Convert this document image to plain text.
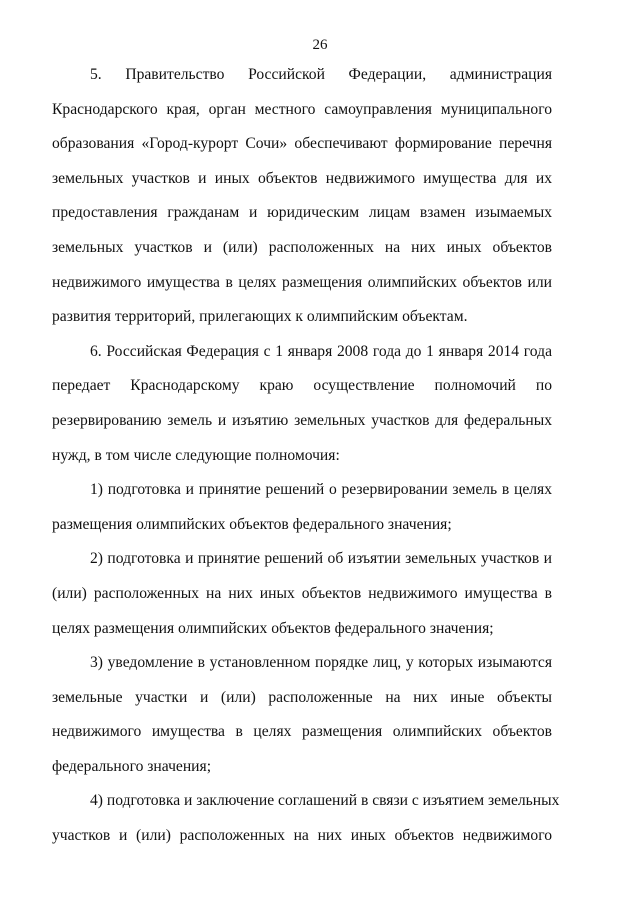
26
5. Правительство Российской Федерации, администрация
Краснодарского края, орган местного самоуправления муниципального
образования «Город-курорт Сочи» обеспечивают формирование перечня
земельных участков и иных объектов недвижимого имущества для их
предоставления гражданам и юридическим лицам взамен изымаемых
земельных участков и (или) расположенных на них иных объектов
недвижимого имущества в целях размещения олимпийских объектов или
развития территорий, прилегающих к олимпийским объектам.
6. Российская Федерация с 1 января 2008 года до 1 января 2014 года
передает Краснодарскому краю осуществление полномочий по
резервированию земель и изъятию земельных участков для федеральных
нужд, в том числе следующие полномочия:
1) подготовка и принятие решений о резервировании земель в целях
размещения олимпийских объектов федерального значения;
2) подготовка и принятие решений об изъятии земельных участков и
(или) расположенных на них иных объектов недвижимого имущества в
целях размещения олимпийских объектов федерального значения;
3) уведомление в установленном порядке лиц, у которых изымаются
земельные участки и (или) расположенные на них иные объекты
недвижимого имущества в целях размещения олимпийских объектов
федерального значения;
4) подготовка и заключение соглашений в связи с изъятием земельных
участков и (или) расположенных на них иных объектов недвижимого
